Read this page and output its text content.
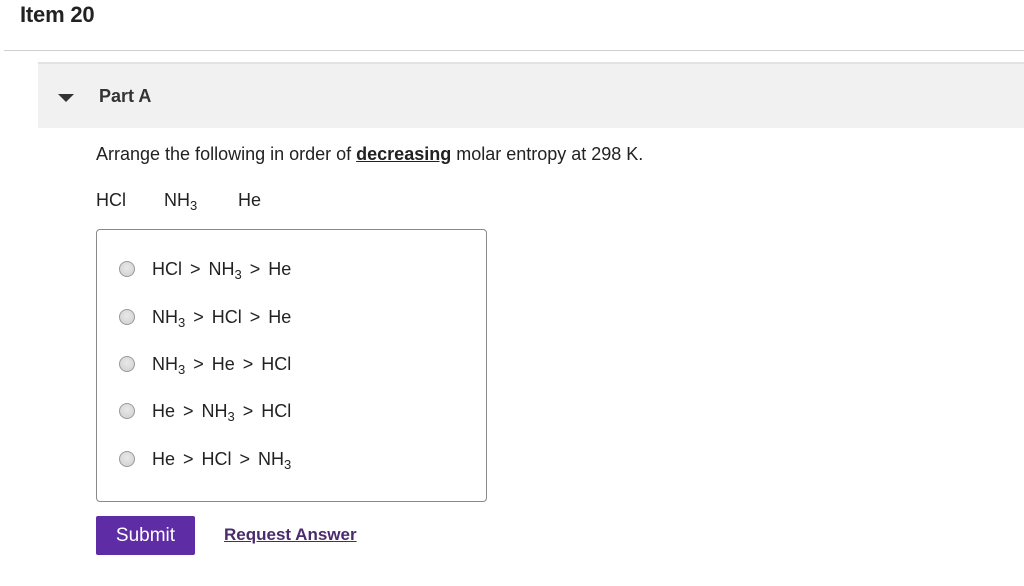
Item 20
Part A
Arrange the following in order of decreasing molar entropy at 298 K.
HCl $NH_3$ He
HCl > $NH_3 > He$
$NH_3$ > HCl > He
$NH_3 > He$ > HCl
$He > NH_3$ > HCl
He > HCl > $NH_3$
Submit	Request Answer
